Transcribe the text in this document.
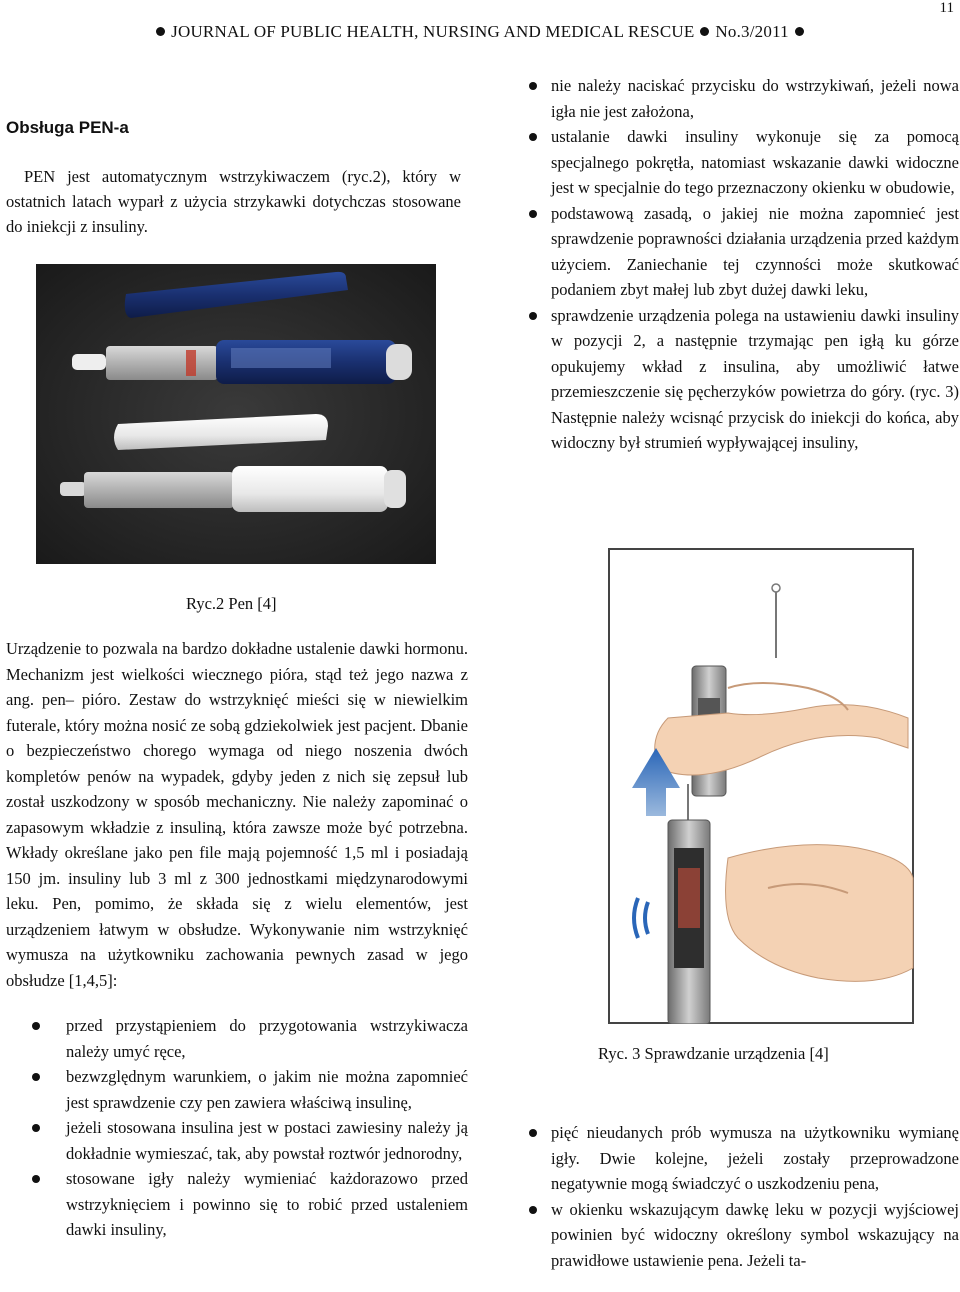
11
JOURNAL OF PUBLIC HEALTH, NURSING AND MEDICAL RESCUE No.3/2011
Obsługa PEN-a
PEN jest automatycznym wstrzykiwaczem (ryc.2), który w ostatnich latach wyparł z użycia strzykawki dotychczas stosowane do iniekcji z insuliny.
Ryc.2 Pen [4]
Urządzenie to pozwala na bardzo dokładne ustalenie dawki hormonu. Mechanizm jest wielkości wiecznego pióra, stąd też jego nazwa z ang. pen– pióro. Zestaw do wstrzyknięć mieści się w niewielkim futerale, który można nosić ze sobą gdziekolwiek jest pacjent. Dbanie o bezpieczeństwo chorego wymaga od niego noszenia dwóch kompletów penów na wypadek, gdyby jeden z nich się zepsuł lub został uszkodzony w sposób mechaniczny. Nie należy zapominać o zapasowym wkładzie z insuliną, która zawsze może być potrzebna. Wkłady określane jako pen file mają pojemność 1,5 ml i posiadają 150 jm. insuliny lub 3 ml z 300 jednostkami międzynarodowymi leku. Pen, pomimo, że składa się z wielu elementów, jest urządzeniem łatwym w obsłudze. Wykonywanie nim wstrzyknięć wymusza na użytkowniku zachowania pewnych zasad w jego obsłudze [1,4,5]:
przed przystąpieniem do przygotowania wstrzykiwacza należy umyć ręce,
bezwzględnym warunkiem, o jakim nie można zapomnieć jest sprawdzenie czy pen zawiera właściwą insulinę,
jeżeli stosowana insulina jest w postaci zawiesiny należy ją dokładnie wymieszać, tak, aby powstał roztwór jednorodny,
stosowane igły należy wymieniać każdorazowo przed wstrzyknięciem i powinno się to robić przed ustaleniem dawki insuliny,
nie należy naciskać przycisku do wstrzykiwań, jeżeli nowa igła nie jest założona,
ustalanie dawki insuliny wykonuje się za pomocą specjalnego pokrętła, natomiast wskazanie dawki widoczne jest w specjalnie do tego przeznaczony okienku w obudowie,
podstawową zasadą, o jakiej nie można zapomnieć jest sprawdzenie poprawności działania urządzenia przed każdym użyciem. Zaniechanie tej czynności może skutkować podaniem zbyt małej lub zbyt dużej dawki leku,
sprawdzenie urządzenia polega na ustawieniu dawki insuliny w pozycji 2, a następnie trzymając pen igłą ku górze opukujemy wkład z insulina, aby umożliwić łatwe przemieszczenie się pęcherzyków powietrza do góry. (ryc. 3) Następnie należy wcisnąć przycisk do iniekcji do końca, aby widoczny był strumień wypływającej insuliny,
Ryc. 3 Sprawdzanie urządzenia [4]
pięć nieudanych prób wymusza na użytkowniku wymianę igły. Dwie kolejne, jeżeli zostały przeprowadzone negatywnie mogą świadczyć o uszkodzeniu pena,
w okienku wskazującym dawkę leku w pozycji wyjściowej powinien być widoczny określony symbol wskazujący na prawidłowe ustawienie pena. Jeżeli ta-
